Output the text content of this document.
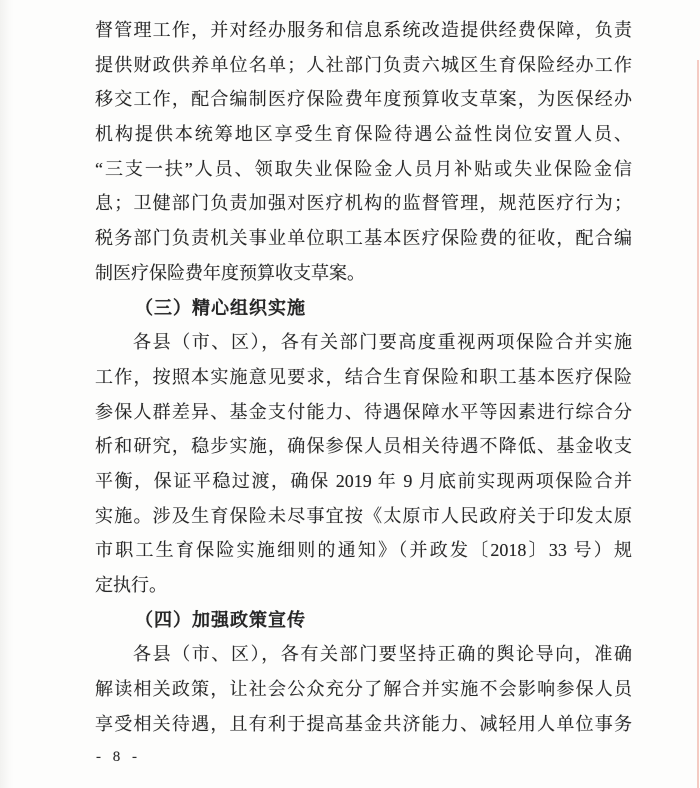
督管理工作，并对经办服务和信息系统改造提供经费保障，负责
提供财政供养单位名单；人社部门负责六城区生育保险经办工作
移交工作，配合编制医疗保险费年度预算收支草案，为医保经办
机构提供本统筹地区享受生育保险待遇公益性岗位安置人员、
“三支一扶”人员、领取失业保险金人员月补贴或失业保险金信
息；卫健部门负责加强对医疗机构的监督管理，规范医疗行为；
税务部门负责机关事业单位职工基本医疗保险费的征收，配合编
制医疗保险费年度预算收支草案。
（三）精心组织实施
各县（市、区），各有关部门要高度重视两项保险合并实施
工作，按照本实施意见要求，结合生育保险和职工基本医疗保险
参保人群差异、基金支付能力、待遇保障水平等因素进行综合分
析和研究，稳步实施，确保参保人员相关待遇不降低、基金收支
平衡，保证平稳过渡，确保 2019 年 9 月底前实现两项保险合并
实施。涉及生育保险未尽事宜按《太原市人民政府关于印发太原
市职工生育保险实施细则的通知》（并政发〔2018〕33 号）规
定执行。
（四）加强政策宣传
各县（市、区），各有关部门要坚持正确的舆论导向，准确
解读相关政策，让社会公众充分了解合并实施不会影响参保人员
享受相关待遇，且有利于提高基金共济能力、减轻用人单位事务
- 8 -
